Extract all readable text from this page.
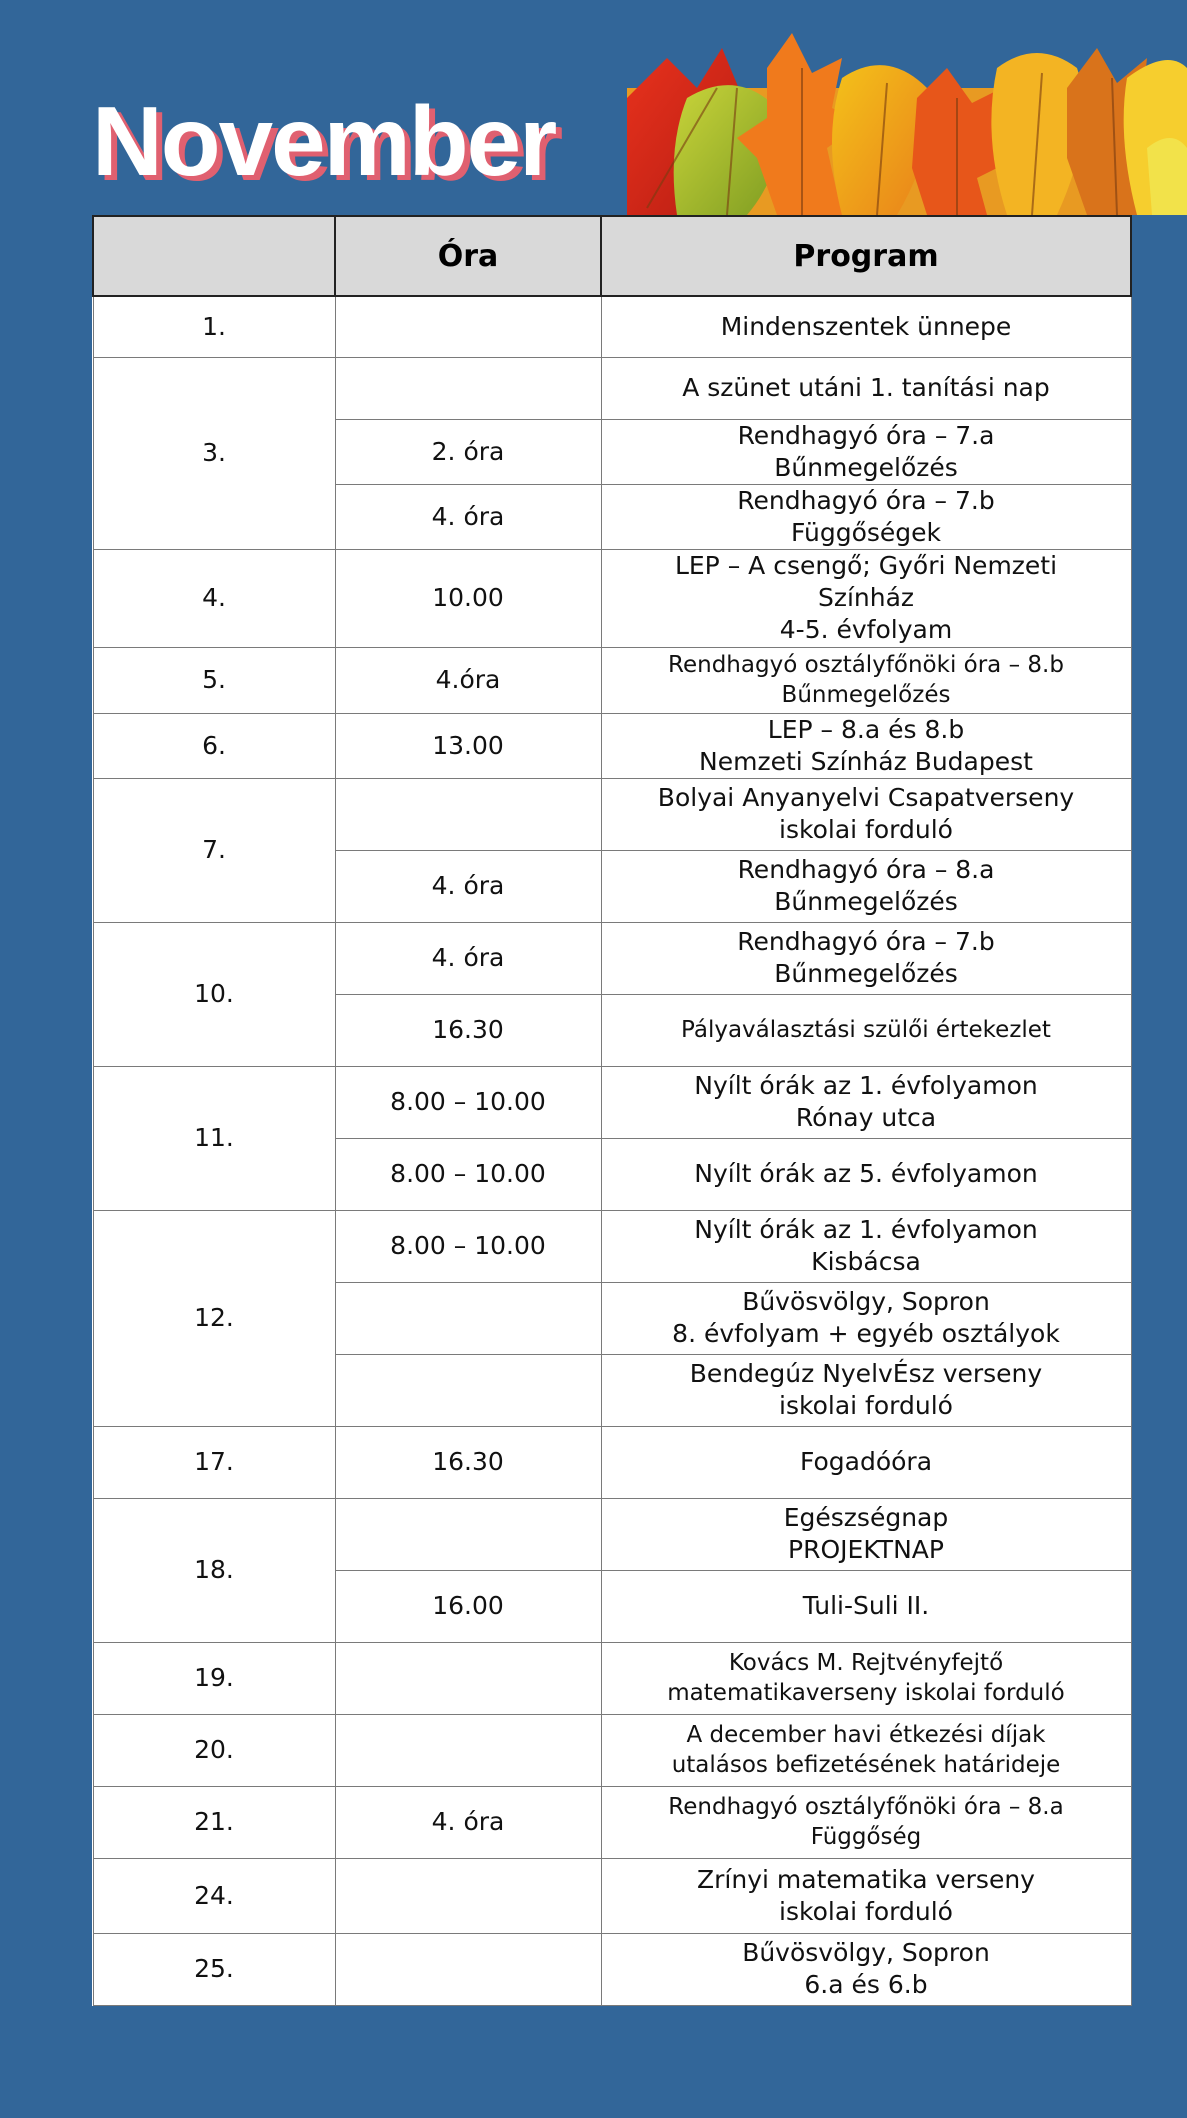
November
	Óra	Program
1.		Mindenszentek ünnepe

3.		A szünet utáni 1. tanítási nap

	2. óra	Rendhagyó óra – 7.a
Bűnmegelőzés

	4. óra	Rendhagyó óra – 7.b
Függőségek

4.	10.00	LEP – A csengő; Győri Nemzeti
Színház
4-5. évfolyam

5.	4.óra	Rendhagyó osztályfőnöki óra – 8.b
Bűnmegelőzés

6.	13.00	LEP – 8.a és 8.b
Nemzeti Színház Budapest

7.		Bolyai Anyanyelvi Csapatverseny
iskolai forduló

	4. óra	Rendhagyó óra – 8.a
Bűnmegelőzés

10.	4. óra	Rendhagyó óra – 7.b
Bűnmegelőzés

	16.30	Pályaválasztási szülői értekezlet

11.	8.00 – 10.00	Nyílt órák az 1. évfolyamon
Rónay utca

	8.00 – 10.00	Nyílt órák az 5. évfolyamon

12.	8.00 – 10.00	Nyílt órák az 1. évfolyamon
Kisbácsa

		Bűvösvölgy, Sopron
8. évfolyam + egyéb osztályok

		Bendegúz NyelvÉsz verseny
iskolai forduló

17.	16.30	Fogadóóra

18.		Egészségnap
PROJEKTNAP

	16.00	Tuli-Suli II.

19.		Kovács M. Rejtvényfejtő
matematikaverseny iskolai forduló

20.		A december havi étkezési díjak
utalásos befizetésének határideje

21.	4. óra	Rendhagyó osztályfőnöki óra – 8.a
Függőség

24.		Zrínyi matematika verseny
iskolai forduló

25.		Bűvösvölgy, Sopron
6.a és 6.b
